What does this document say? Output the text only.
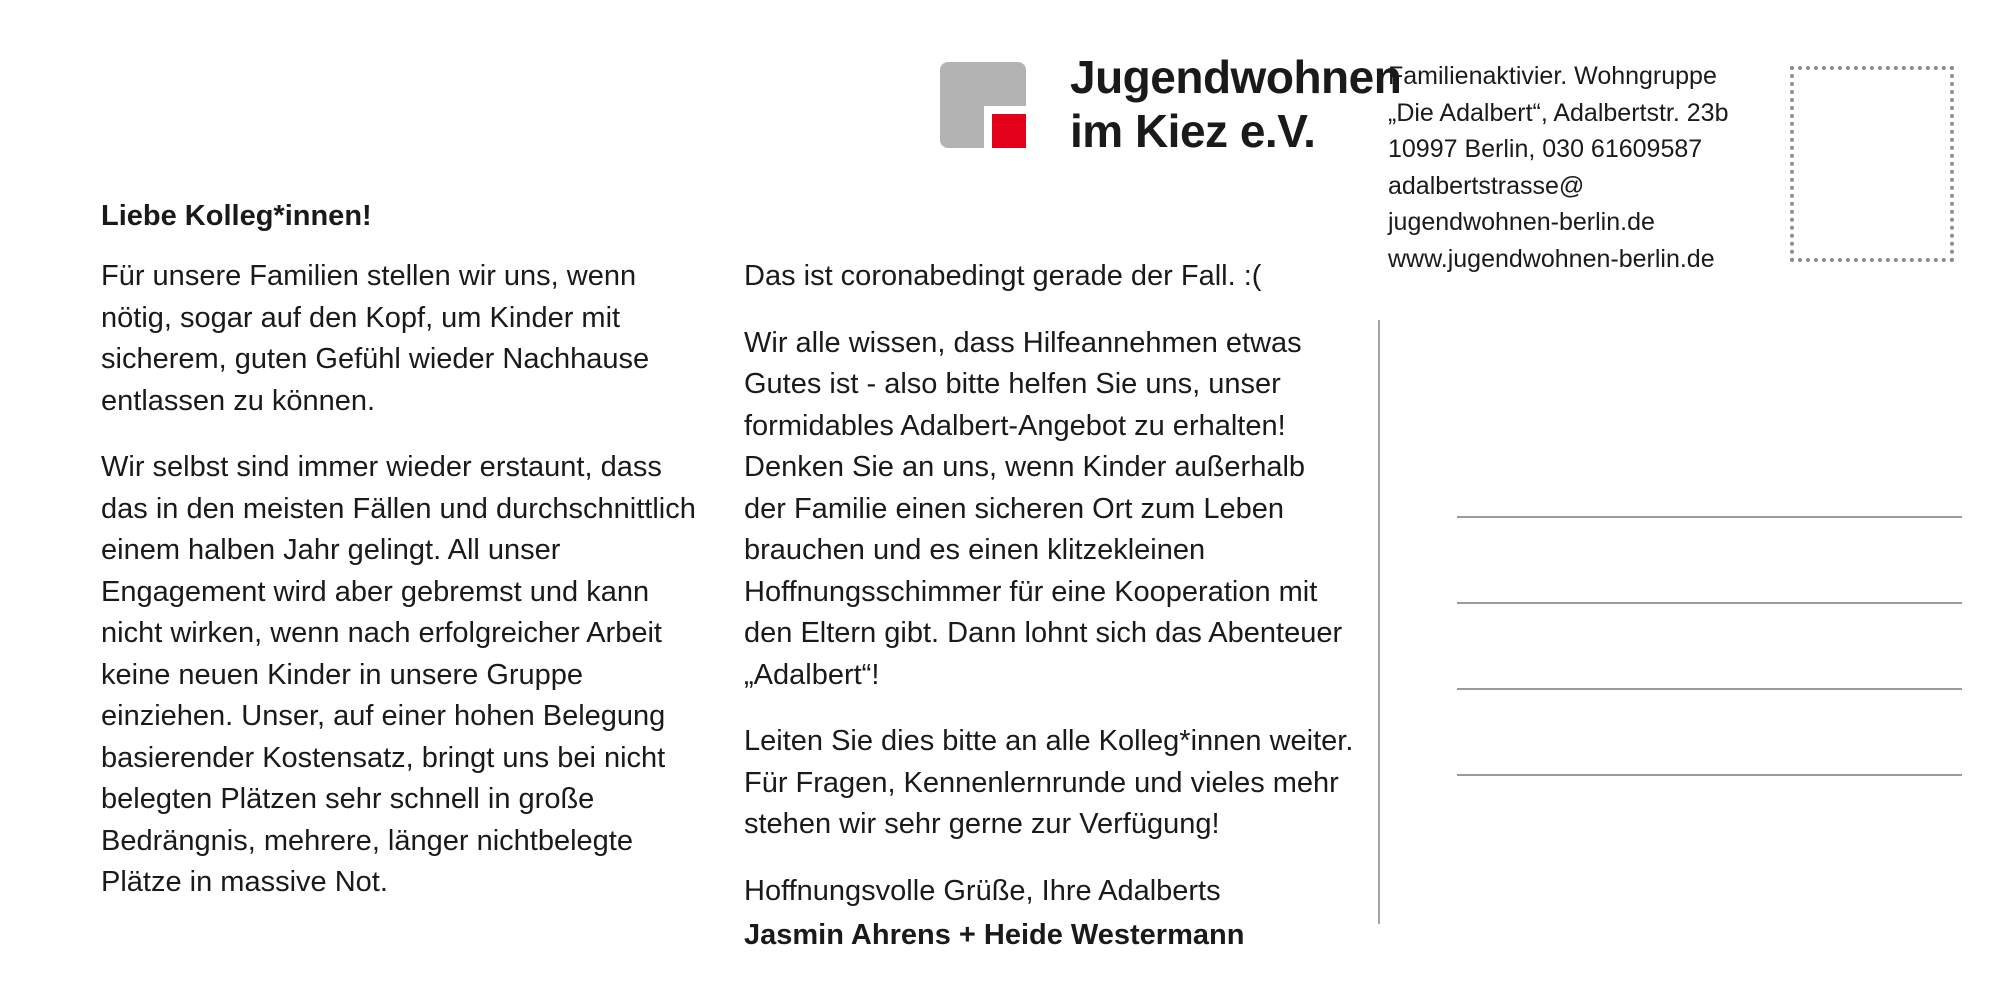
Jugendwohnen
im Kiez e.V.
Familienaktivier. Wohngruppe
„Die Adalbert“, Adalbertstr. 23b
10997 Berlin, 030 61609587
adalbertstrasse@
jugendwohnen-berlin.de
www.jugendwohnen-berlin.de
Liebe Kolleg*innen!

Für unsere Familien stellen wir uns, wenn nötig, sogar auf den Kopf, um Kinder mit sicherem, guten Gefühl wieder Nachhause entlassen zu können.

Wir selbst sind immer wieder erstaunt, dass das in den meisten Fällen und durchschnittlich einem halben Jahr gelingt. All unser Engagement wird aber gebremst und kann nicht wirken, wenn nach erfolgreicher Arbeit keine neuen Kinder in unsere Gruppe einziehen. Unser, auf einer hohen Belegung basierender Kostensatz, bringt uns bei nicht belegten Plätzen sehr schnell in große Bedrängnis, mehrere, länger nichtbelegte Plätze in massive Not.

Das ist coronabedingt gerade der Fall. :(

Wir alle wissen, dass Hilfeannehmen etwas Gutes ist - also bitte helfen Sie uns, unser formidables Adalbert-Angebot zu erhalten! Denken Sie an uns, wenn Kinder außerhalb der Familie einen sicheren Ort zum Leben brauchen und es einen klitzekleinen Hoffnungsschimmer für eine Kooperation mit den Eltern gibt. Dann lohnt sich das Abenteuer „Adalbert“!

Leiten Sie dies bitte an alle Kolleg*innen weiter. Für Fragen, Kennenlernrunde und vieles mehr stehen wir sehr gerne zur Verfügung!

Hoffnungsvolle Grüße, Ihre Adalberts

Jasmin Ahrens + Heide Westermann
